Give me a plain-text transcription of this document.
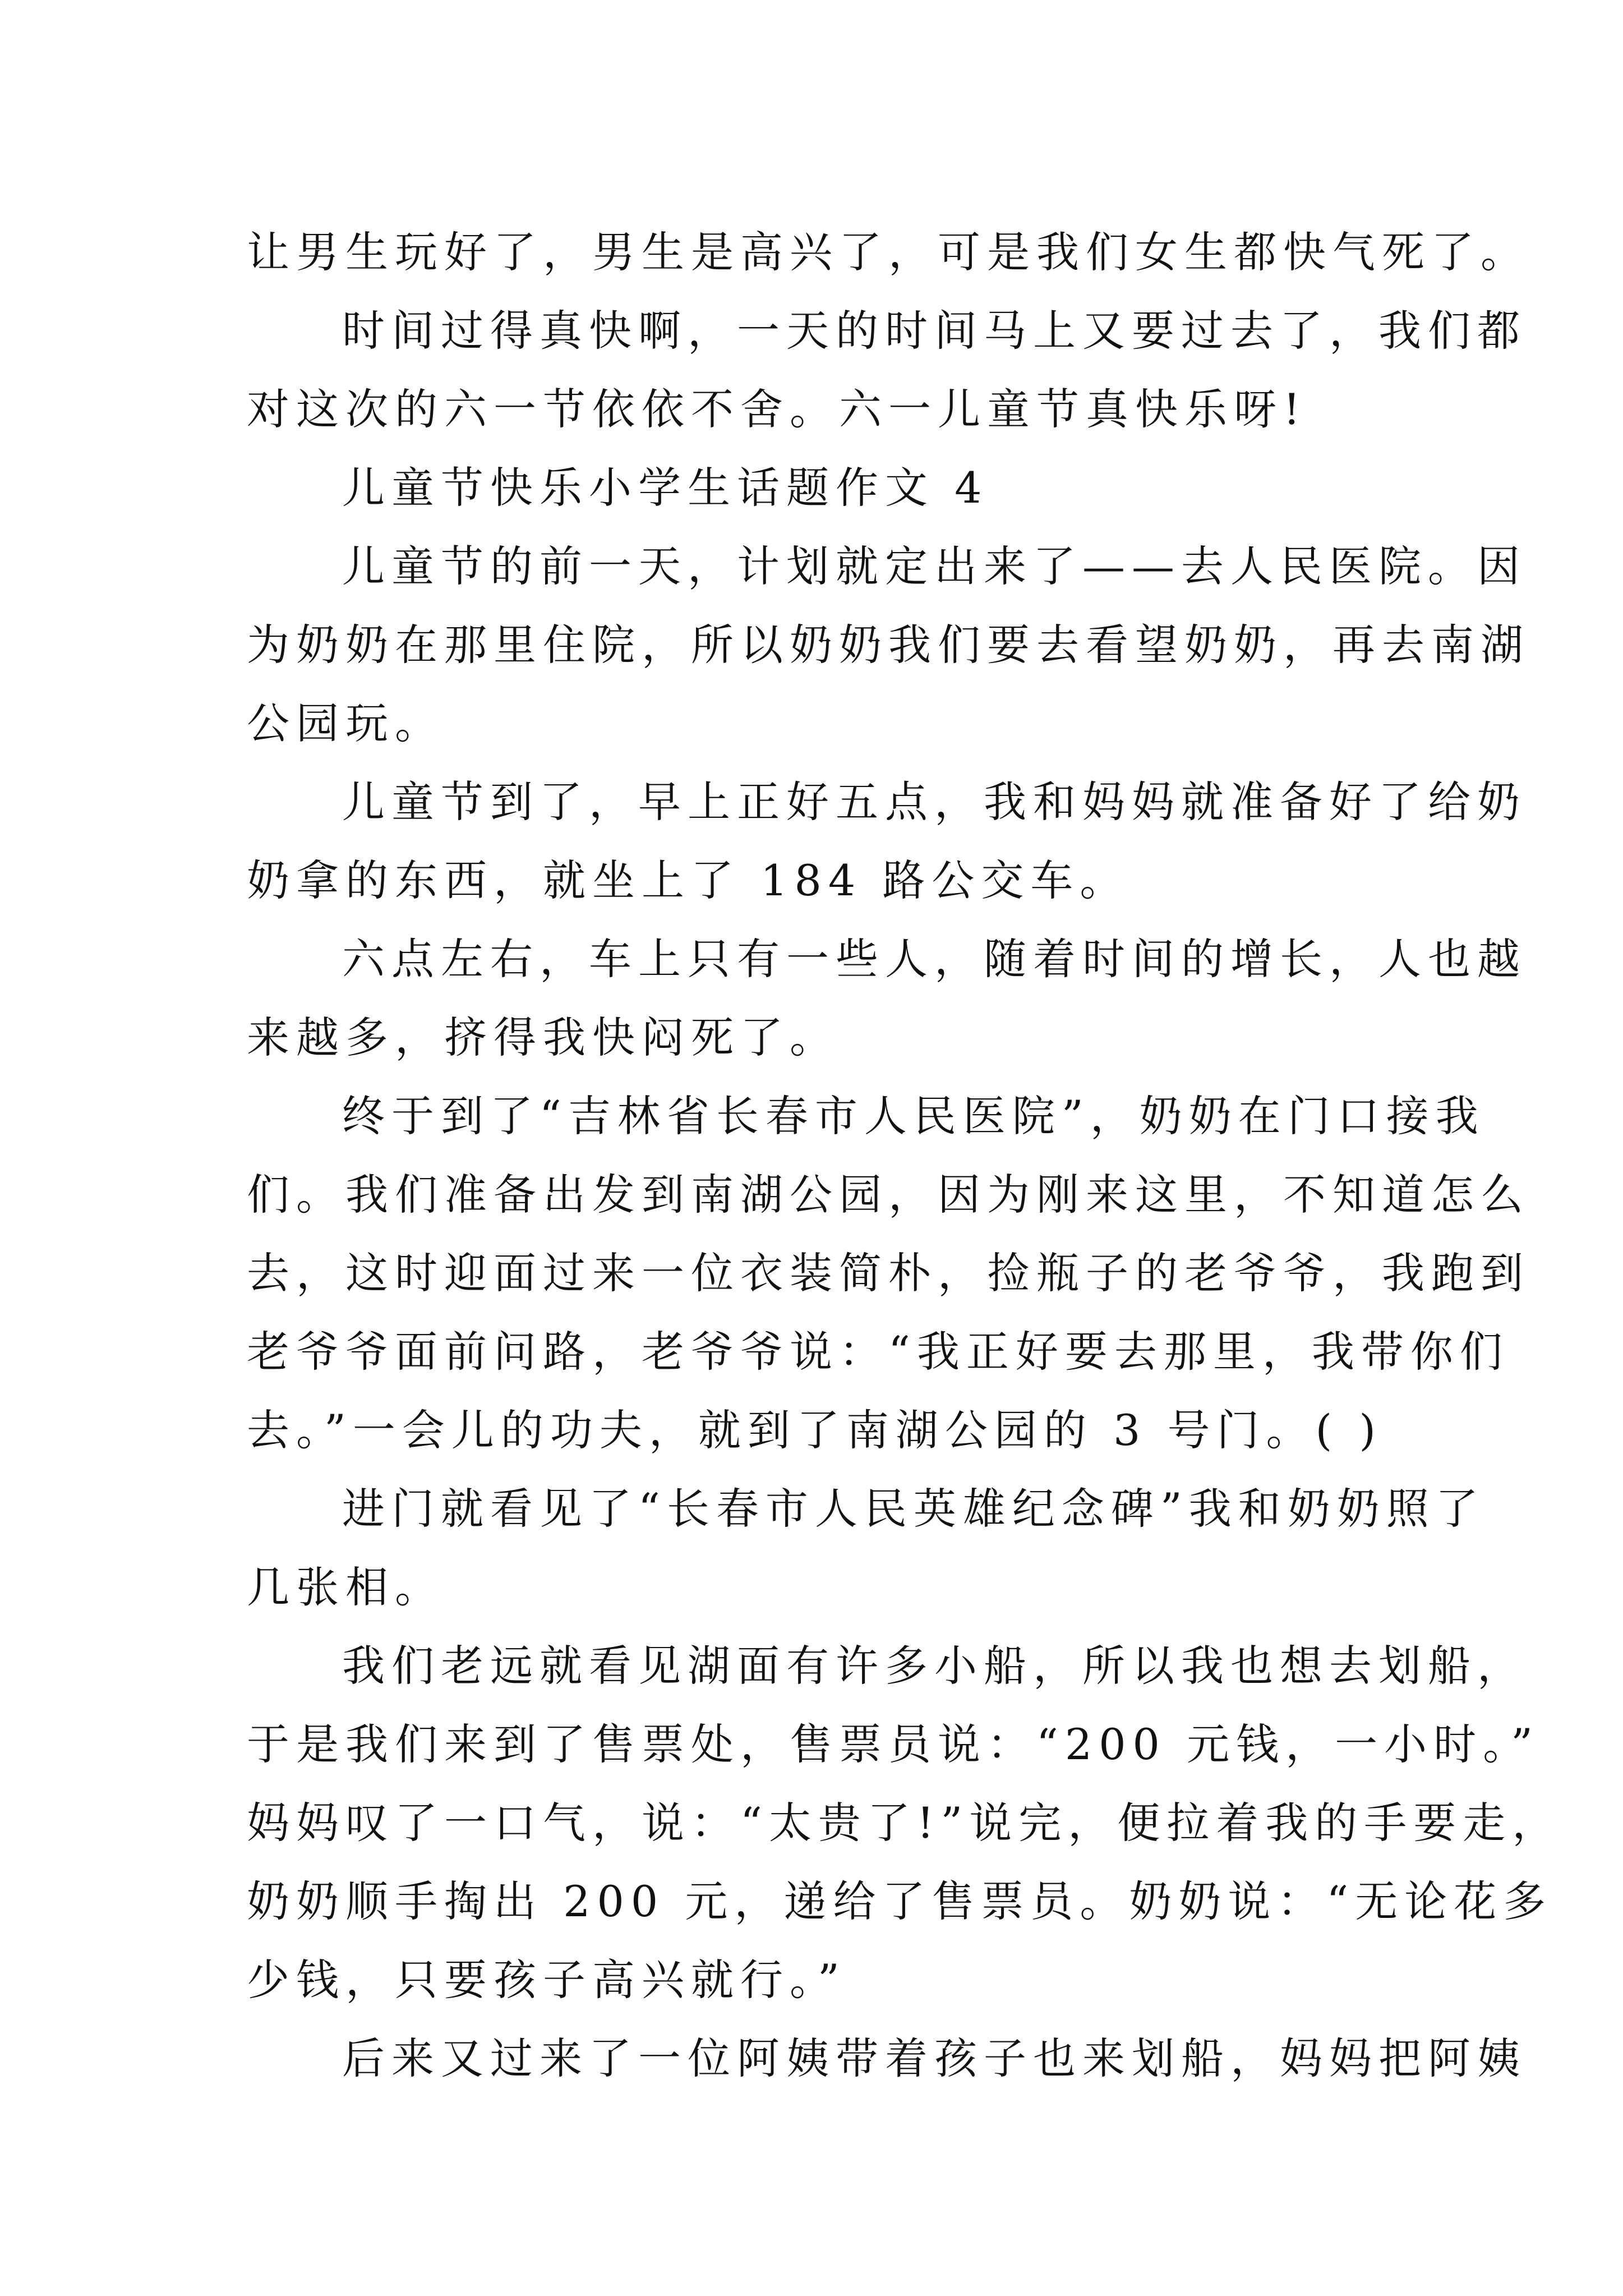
让男生玩好了，男生是高兴了，可是我们女生都快气死了。
时间过得真快啊，一天的时间马上又要过去了，我们都
对这次的六一节依依不舍。六一儿童节真快乐呀!
儿童节快乐小学生话题作文 4
儿童节的前一天，计划就定出来了——去人民医院。因
为奶奶在那里住院，所以奶奶我们要去看望奶奶，再去南湖
公园玩。
儿童节到了，早上正好五点，我和妈妈就准备好了给奶
奶拿的东西，就坐上了 184 路公交车。
六点左右，车上只有一些人，随着时间的增长，人也越
来越多，挤得我快闷死了。
终于到了“吉林省长春市人民医院”，奶奶在门口接我
们。我们准备出发到南湖公园，因为刚来这里，不知道怎么
去，这时迎面过来一位衣装简朴，捡瓶子的老爷爷，我跑到
老爷爷面前问路，老爷爷说：“我正好要去那里，我带你们
去。”一会儿的功夫，就到了南湖公园的 3 号门。( )
进门就看见了“长春市人民英雄纪念碑”我和奶奶照了
几张相。
我们老远就看见湖面有许多小船，所以我也想去划船，
于是我们来到了售票处，售票员说：“200 元钱，一小时。”
妈妈叹了一口气，说：“太贵了!”说完，便拉着我的手要走，
奶奶顺手掏出 200 元，递给了售票员。奶奶说：“无论花多
少钱，只要孩子高兴就行。”
后来又过来了一位阿姨带着孩子也来划船，妈妈把阿姨
